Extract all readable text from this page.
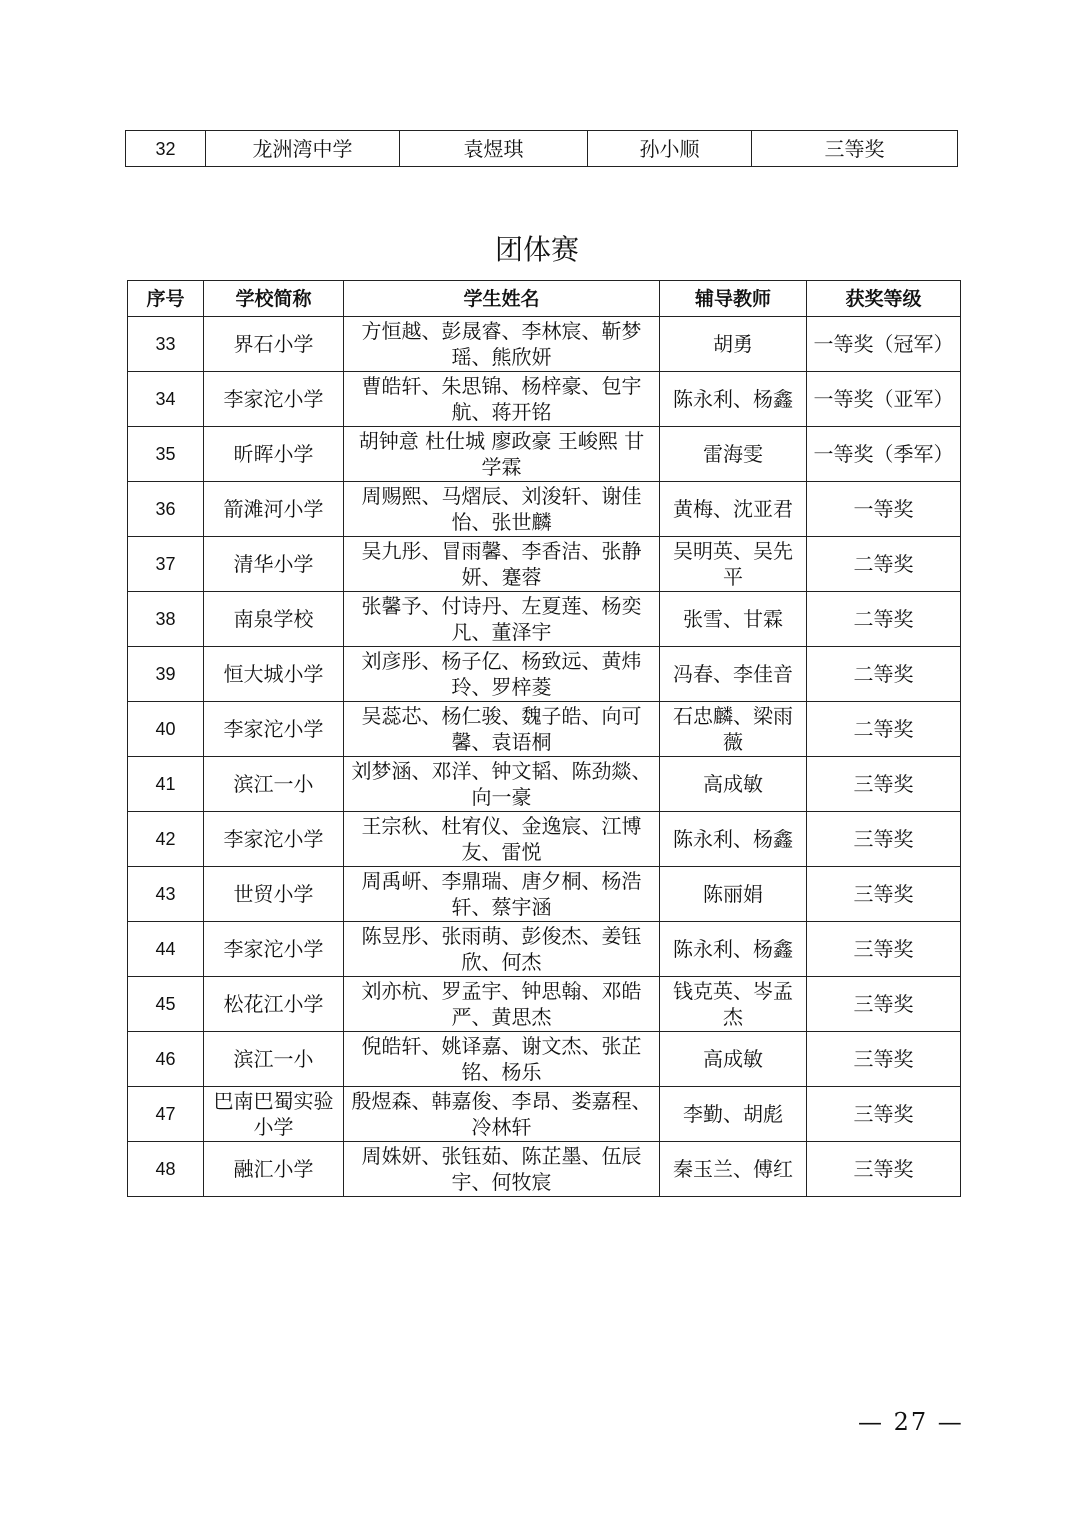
32	龙洲湾中学	袁煜琪	孙小顺	三等奖
团体赛
序号	学校简称	学生姓名	辅导教师	获奖等级
33	界石小学	方恒越、彭晟睿、李林宸、靳梦瑶、熊欣妍	胡勇	一等奖（冠军）
34	李家沱小学	曹皓轩、朱思锦、杨梓豪、包宇航、蒋开铭	陈永利、杨鑫	一等奖（亚军）
35	昕晖小学	胡钟意 杜仕城 廖政豪 王峻熙 甘学霖	雷海雯	一等奖（季军）
36	箭滩河小学	周赐熙、马熠辰、刘浚轩、谢佳怡、张世麟	黄梅、沈亚君	一等奖
37	清华小学	吴九彤、冒雨馨、李香洁、张静妍、蹇蓉	吴明英、吴先平	二等奖
38	南泉学校	张馨予、付诗丹、左夏莲、杨奕凡、董泽宇	张雪、甘霖	二等奖
39	恒大城小学	刘彦彤、杨子亿、杨致远、黄炜玲、罗梓菱	冯春、李佳音	二等奖
40	李家沱小学	吴蕊芯、杨仁骏、魏子皓、向可馨、袁语桐	石忠麟、梁雨薇	二等奖
41	滨江一小	刘梦涵、邓洋、钟文韬、陈劲燚、向一豪	高成敏	三等奖
42	李家沱小学	王宗秋、杜宥仪、金逸宸、江博友、雷悦	陈永利、杨鑫	三等奖
43	世贸小学	周禹岍、李鼎瑞、唐夕桐、杨浩轩、蔡宇涵	陈丽娟	三等奖
44	李家沱小学	陈昱彤、张雨萌、彭俊杰、姜钰欣、何杰	陈永利、杨鑫	三等奖
45	松花江小学	刘亦杭、罗孟宇、钟思翰、邓皓严、黄思杰	钱克英、岑孟杰	三等奖
46	滨江一小	倪皓轩、姚译嘉、谢文杰、张芷铭、杨乐	高成敏	三等奖
47	巴南巴蜀实验小学	殷煜森、韩嘉俊、李昂、娄嘉程、冷林轩	李勤、胡彪	三等奖
48	融汇小学	周姝妍、张钰茹、陈芷墨、伍辰宇、何牧宸	秦玉兰、傅红	三等奖
— 27 —
